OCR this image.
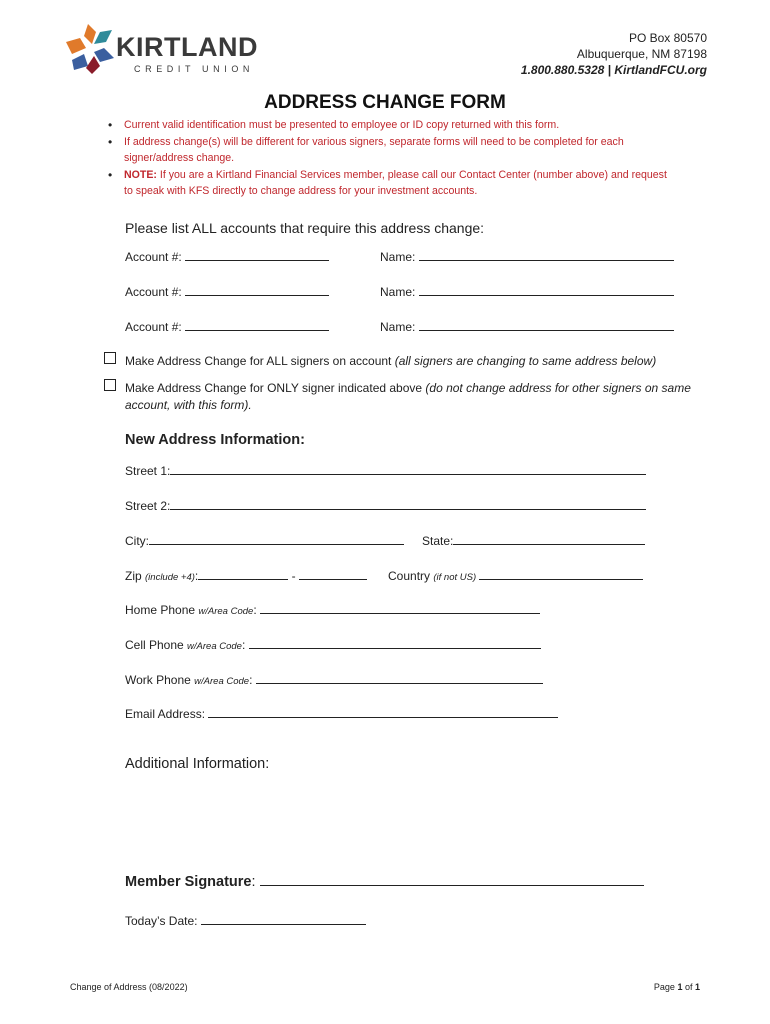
KIRTLAND
CREDIT UNION
PO Box 80570
Albuquerque, NM 87198
1.800.880.5328 | KirtlandFCU.org
ADDRESS CHANGE FORM
• Current valid identification must be presented to employee or ID copy returned with this form.
• If address change(s) will be different for various signers, separate forms will need to be completed for each signer/address change.
• NOTE: If you are a Kirtland Financial Services member, please call our Contact Center (number above) and request to speak with KFS directly to change address for your investment accounts.
Please list ALL accounts that require this address change:
Account #:	Name:
Account #:	Name:
Account #:	Name:
Make Address Change for ALL signers on account (all signers are changing to same address below)
Make Address Change for ONLY signer indicated above (do not change address for other signers on same account, with this form).
New Address Information:
Street 1:
Street 2:
City:	State:
Zip (include +4):	-	Country (if not US)
Home Phone w/Area Code:
Cell Phone w/Area Code:
Work Phone w/Area Code:
Email Address:
Additional Information:
Member Signature:
Today’s Date:
Change of Address (08/2022)	Page 1 of 1
